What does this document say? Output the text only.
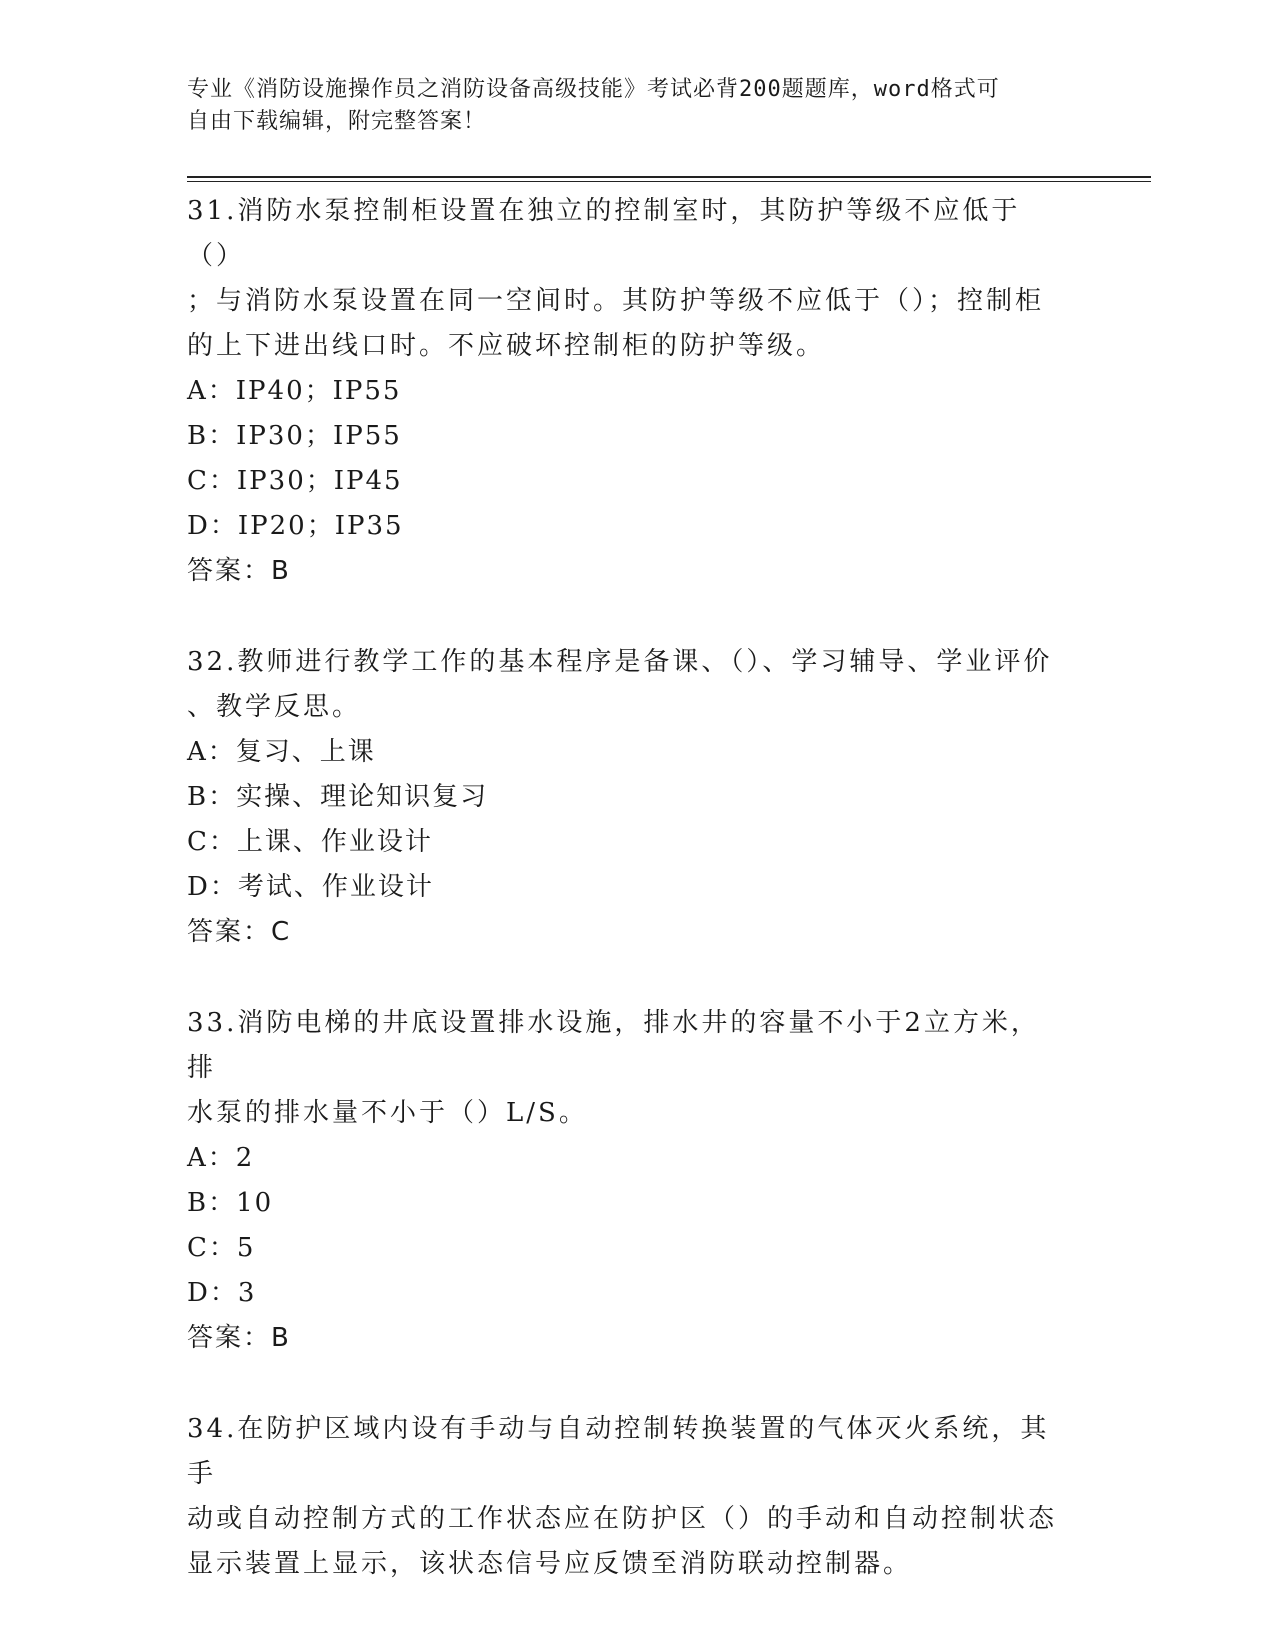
专业《消防设施操作员之消防设备高级技能》考试必背200题题库，word格式可
自由下载编辑，附完整答案！

31.消防水泵控制柜设置在独立的控制室时，其防护等级不应低于（）
；与消防水泵设置在同一空间时。其防护等级不应低于（）；控制柜
的上下进出线口时。不应破坏控制柜的防护等级。

A：IP40；IP55
B：IP30；IP55
C：IP30；IP45
D：IP20；IP35

答案：B

32.教师进行教学工作的基本程序是备课、（）、学习辅导、学业评价
、教学反思。

A：复习、上课
B：实操、理论知识复习
C：上课、作业设计
D：考试、作业设计

答案：C

33.消防电梯的井底设置排水设施，排水井的容量不小于2立方米，排
水泵的排水量不小于（）L/S。

A：2
B：10
C：5
D：3

答案：B

34.在防护区域内设有手动与自动控制转换装置的气体灭火系统，其手
动或自动控制方式的工作状态应在防护区（）的手动和自动控制状态
显示装置上显示，该状态信号应反馈至消防联动控制器。
